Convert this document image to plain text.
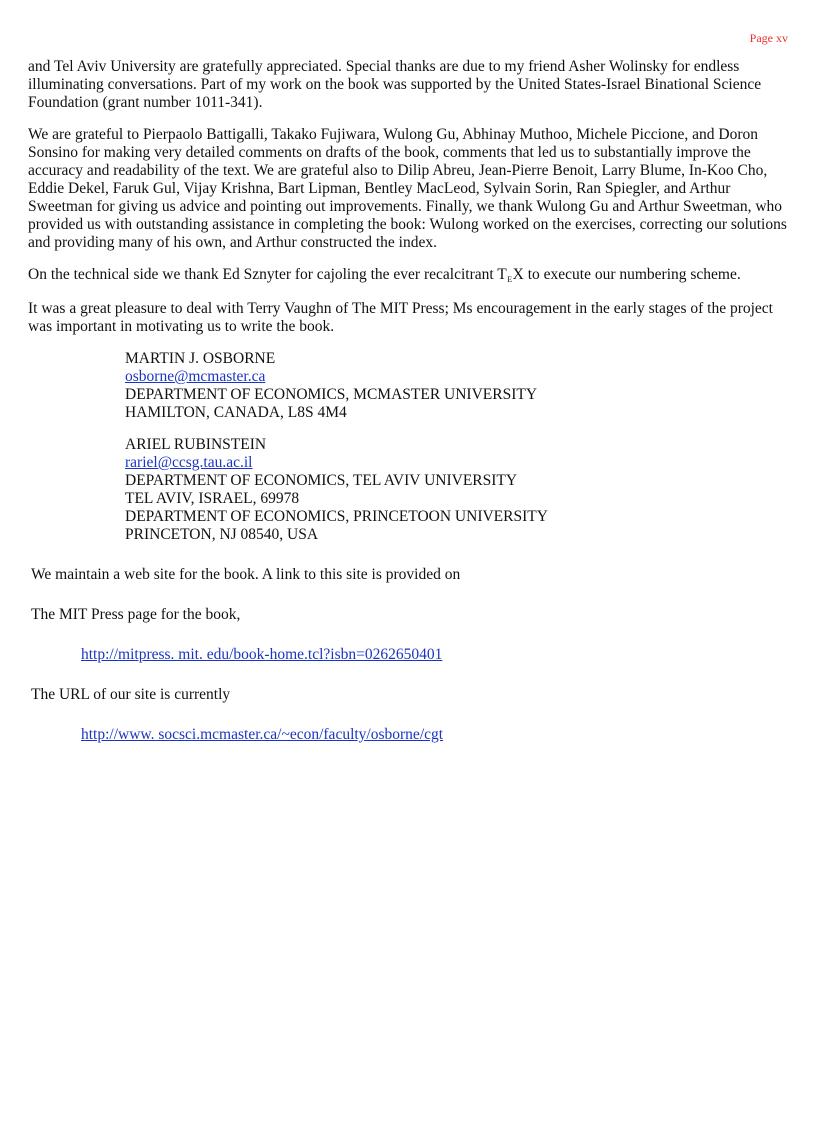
Page xv

and Tel Aviv University are gratefully appreciated. Special thanks are due to my friend Asher Wolinsky for endless illuminating conversations. Part of my work on the book was supported by the United States-Israel Binational Science Foundation (grant number 1011-341).

We are grateful to Pierpaolo Battigalli, Takako Fujiwara, Wulong Gu, Abhinay Muthoo, Michele Piccione, and Doron Sonsino for making very detailed comments on drafts of the book, comments that led us to substantially improve the accuracy and readability of the text. We are grateful also to Dilip Abreu, Jean-Pierre Benoit, Larry Blume, In-Koo Cho, Eddie Dekel, Faruk Gul, Vijay Krishna, Bart Lipman, Bentley MacLeod, Sylvain Sorin, Ran Spiegler, and Arthur Sweetman for giving us advice and pointing out improvements. Finally, we thank Wulong Gu and Arthur Sweetman, who provided us with outstanding assistance in completing the book: Wulong worked on the exercises, correcting our solutions and providing many of his own, and Arthur constructed the index.

On the technical side we thank Ed Sznyter for cajoling the ever recalcitrant TEX to execute our numbering scheme.

It was a great pleasure to deal with Terry Vaughn of The MIT Press; Ms encouragement in the early stages of the project was important in motivating us to write the book.

MARTIN J. OSBORNE
osborne@mcmaster.ca
DEPARTMENT OF ECONOMICS, MCMASTER UNIVERSITY
HAMILTON, CANADA, L8S 4M4
ARIEL RUBINSTEIN
rariel@ccsg.tau.ac.il
DEPARTMENT OF ECONOMICS, TEL AVIV UNIVERSITY
TEL AVIV, ISRAEL, 69978
DEPARTMENT OF ECONOMICS, PRINCETOON UNIVERSITY
PRINCETON, NJ 08540, USA
We maintain a web site for the book. A link to this site is provided on
The MIT Press page for the book,
http://mitpress. mit. edu/book-home.tcl?isbn=0262650401
The URL of our site is currently
http://www. socsci.mcmaster.ca/~econ/faculty/osborne/cgt
